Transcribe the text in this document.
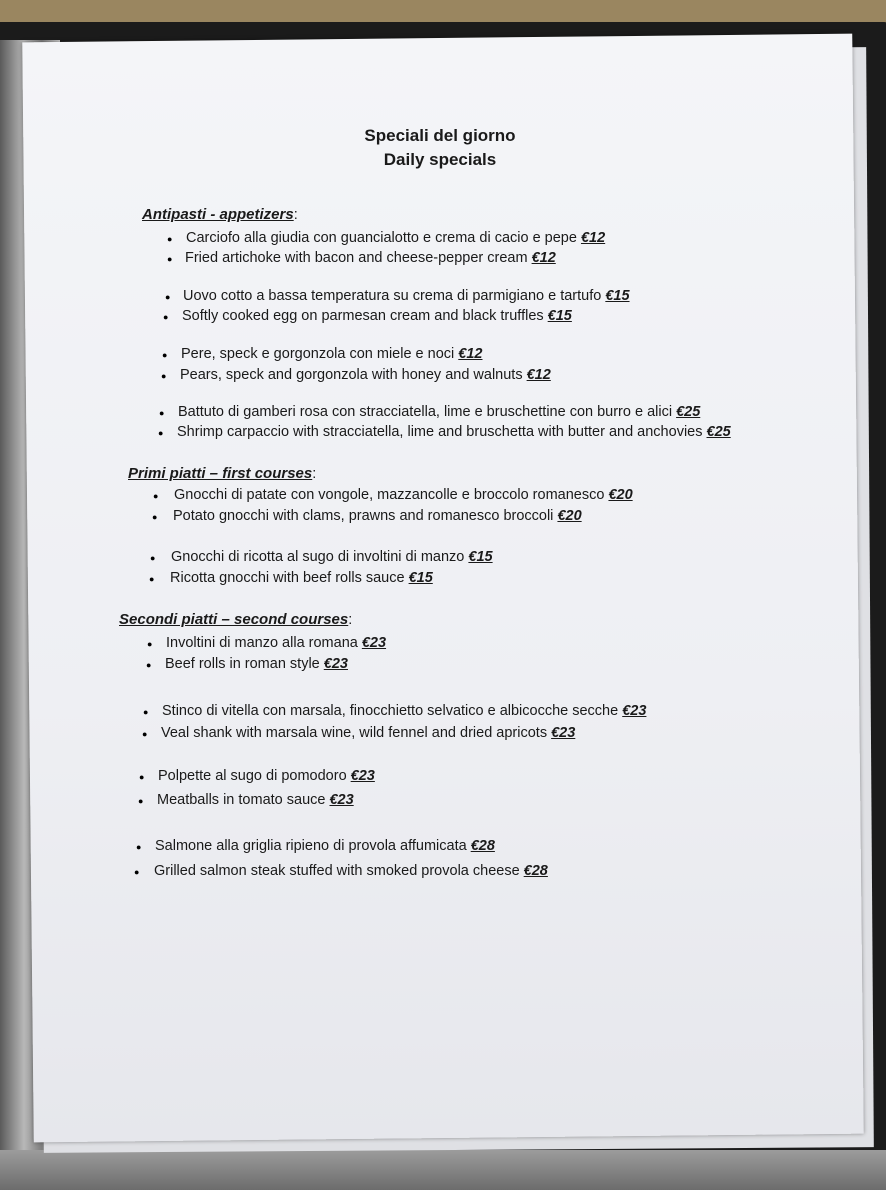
Speciali del giorno
Daily specials
Antipasti - appetizers:
● Carciofo alla giudia con guancialotto e crema di cacio e pepe €12
● Fried artichoke with bacon and cheese-pepper cream €12
● Uovo cotto a bassa temperatura su crema di parmigiano e tartufo €15
● Softly cooked egg on parmesan cream and black truffles €15
● Pere, speck e gorgonzola con miele e noci €12
● Pears, speck and gorgonzola with honey and walnuts €12
● Battuto di gamberi rosa con stracciatella, lime e bruschettine con burro e alici €25
● Shrimp carpaccio with stracciatella, lime and bruschetta with butter and anchovies €25
Primi piatti – first courses:
● Gnocchi di patate con vongole, mazzancolle e broccolo romanesco €20
● Potato gnocchi with clams, prawns and romanesco broccoli €20
● Gnocchi di ricotta al sugo di involtini di manzo €15
● Ricotta gnocchi with beef rolls sauce €15
Secondi piatti – second courses:
● Involtini di manzo alla romana €23
● Beef rolls in roman style €23
● Stinco di vitella con marsala, finocchietto selvatico e albicocche secche €23
● Veal shank with marsala wine, wild fennel and dried apricots €23
● Polpette al sugo di pomodoro €23
● Meatballs in tomato sauce €23
● Salmone alla griglia ripieno di provola affumicata €28
● Grilled salmon steak stuffed with smoked provola cheese €28
